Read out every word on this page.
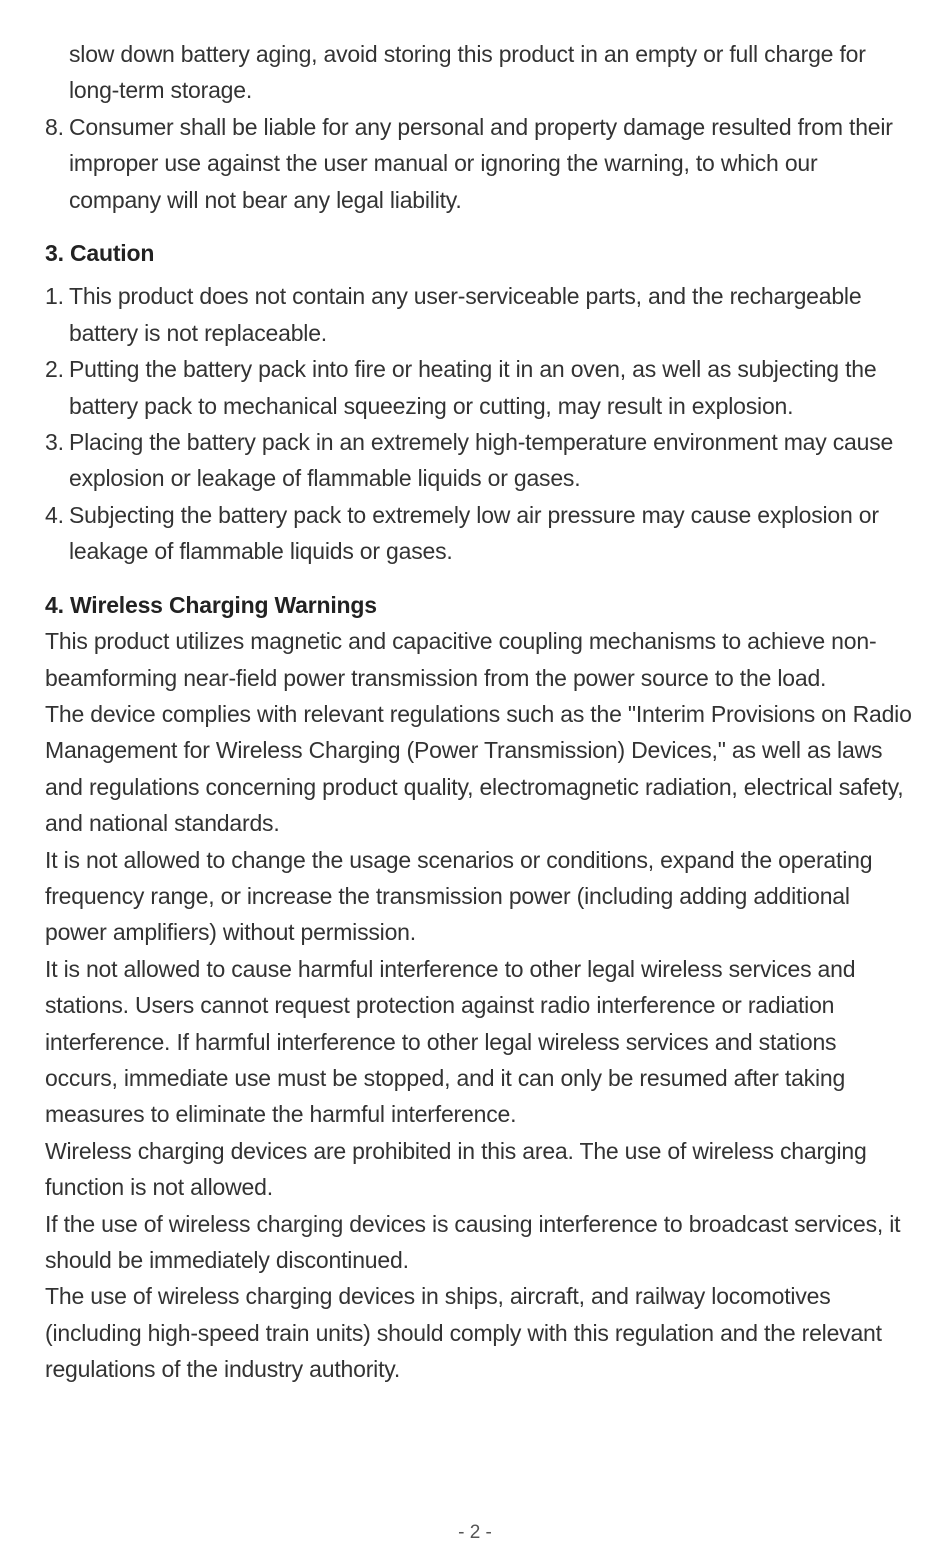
slow down battery aging, avoid storing this product in an empty or full charge for long-term storage.

8. Consumer shall be liable for any personal and property damage resulted from their improper use against the user manual or ignoring the warning, to which our company will not bear any legal liability.
3. Caution
1. This product does not contain any user-serviceable parts, and the rechargeable battery is not replaceable.
2. Putting the battery pack into fire or heating it in an oven, as well as subjecting the battery pack to mechanical squeezing or cutting, may result in explosion.
3. Placing the battery pack in an extremely high-temperature environment may cause explosion or leakage of flammable liquids or gases.
4. Subjecting the battery pack to extremely low air pressure may cause explosion or leakage of flammable liquids or gases.
4. Wireless Charging Warnings

This product utilizes magnetic and capacitive coupling mechanisms to achieve non-beamforming near-field power transmission from the power source to the load.

The device complies with relevant regulations such as the "Interim Provisions on Radio Management for Wireless Charging (Power Transmission) Devices," as well as laws and regulations concerning product quality, electromagnetic radiation, electrical safety, and national standards.

It is not allowed to change the usage scenarios or conditions, expand the operating frequency range, or increase the transmission power (including adding additional power amplifiers) without permission.

It is not allowed to cause harmful interference to other legal wireless services and stations. Users cannot request protection against radio interference or radiation interference. If harmful interference to other legal wireless services and stations occurs, immediate use must be stopped, and it can only be resumed after taking measures to eliminate the harmful interference.

Wireless charging devices are prohibited in this area. The use of wireless charging function is not allowed.

If the use of wireless charging devices is causing interference to broadcast services, it should be immediately discontinued.

The use of wireless charging devices in ships, aircraft, and railway locomotives (including high-speed train units) should comply with this regulation and the relevant regulations of the industry authority.

- 2 -
